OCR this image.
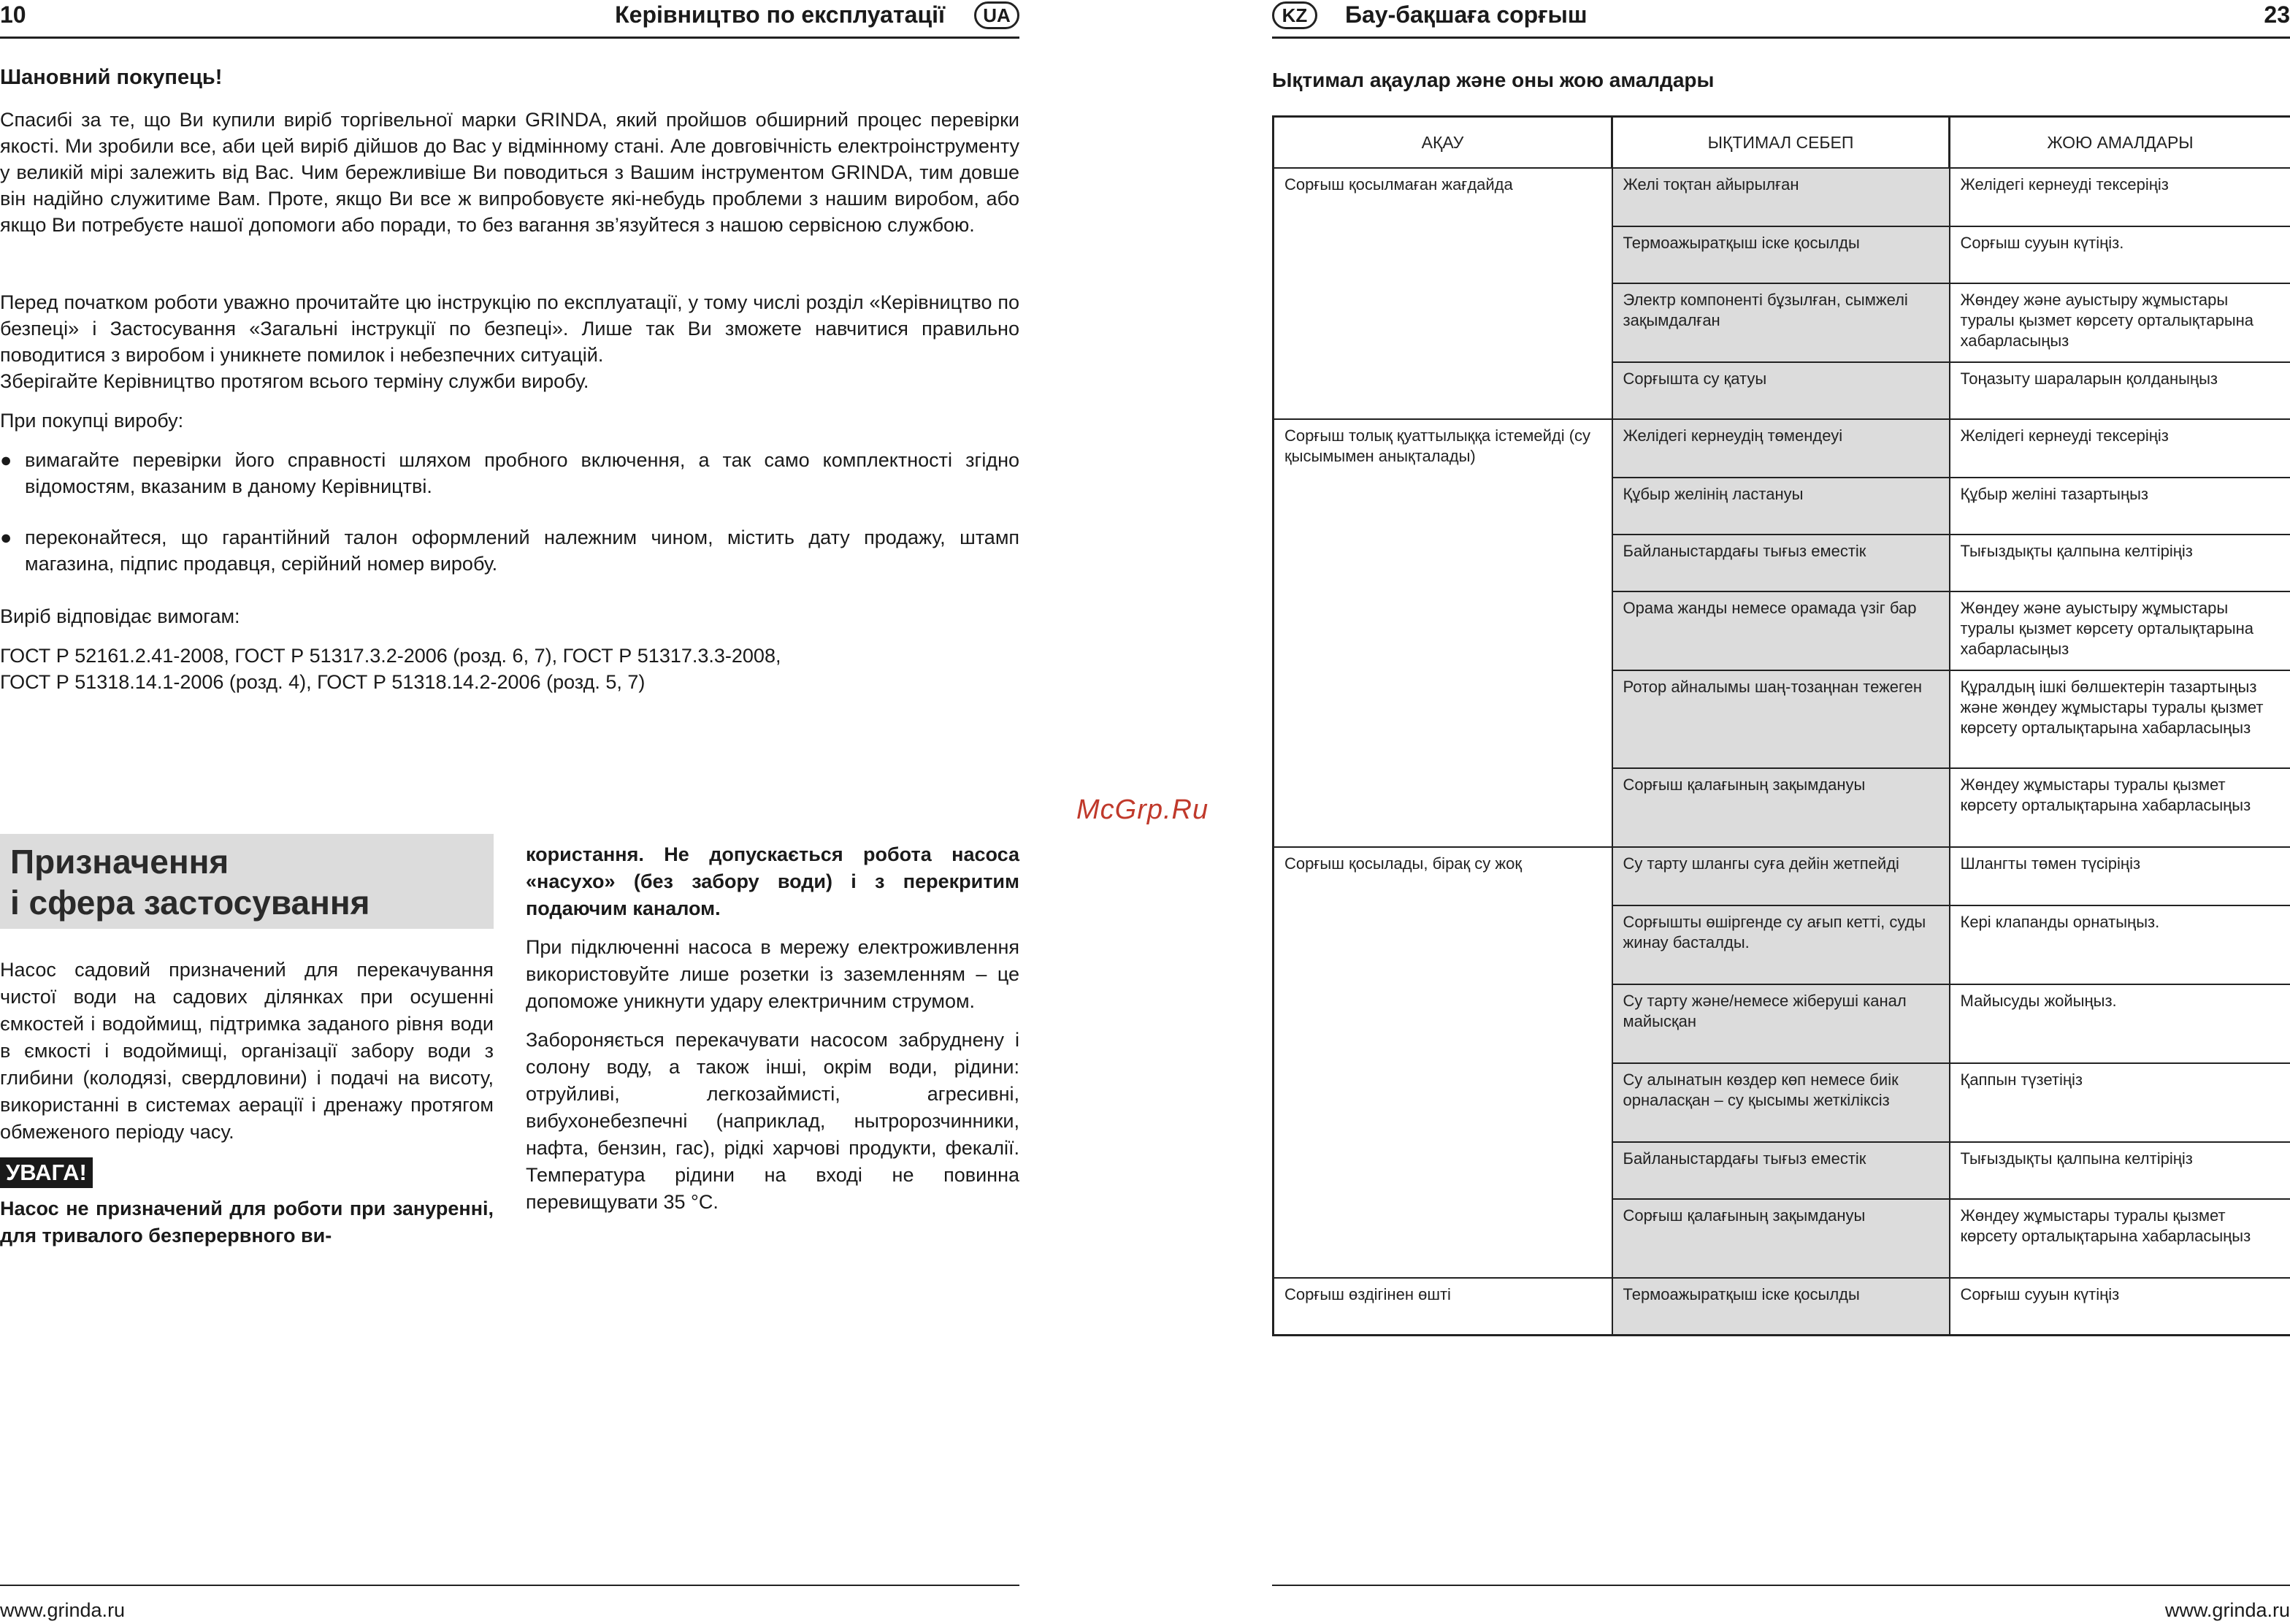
10	Керівництво по експлуатації	UA
Шановний покупець!

Спасибі за те, що Ви купили виріб торгівельної марки GRINDA, який пройшов обширний процес перевірки якості. Ми зробили все, аби цей виріб дійшов до Вас у відмінному стані. Але довговічність електроінструменту у великій мірі залежить від Вас. Чим бережливіше Ви поводиться з Вашим інструментом GRINDA, тим довше він надійно служитиме Вам. Проте, якщо Ви все ж випробовуєте які-небудь проблеми з нашим виробом, або якщо Ви потребуєте нашої допомоги або поради, то без вагання зв’язуйтеся з нашою сервісною службою.

Перед початком роботи уважно прочитайте цю інструкцію по експлуатації, у тому числі розділ «Керівництво по безпеці» і Застосування «Загальні інструкції по безпеці». Лише так Ви зможете навчитися правильно поводитися з виробом і уникнете помилок і небезпечних ситуацій.

Зберігайте Керівництво протягом всього терміну служби виробу.

При покупці виробу:

● вимагайте перевірки його справності шляхом пробного включення, а так само комплектності згідно відомостям, вказаним в даному Керівництві.
● переконайтеся, що гарантійний талон оформлений належним чином, містить дату продажу, штамп магазина, підпис продавця, серійний номер виробу.

Виріб відповідає вимогам:

ГОСТ Р 52161.2.41-2008, ГОСТ Р 51317.3.2-2006 (розд. 6, 7), ГОСТ Р 51317.3.3-2008,

ГОСТ Р 51318.14.1-2006 (розд. 4), ГОСТ Р 51318.14.2-2006 (розд. 5, 7)

Призначення
і сфера застосування

Насос садовий призначений для перекачування чистої води на садових ділянках при осушенні ємкостей і водоймищ, підтримка заданого рівня води в ємкості і водоймищі, організації забору води з глибини (колодязі, свердловини) і подачі на висоту, використанні в системах аерації і дренажу протягом обмеженого періоду часу.

УВАГА!

Насос не призначений для роботи при зануренні, для тривалого безперервного ви-

користання. Не допускається робота насоса «насухо» (без забору води) і з перекритим подаючим каналом.

При підключенні насоса в мережу електроживлення використовуйте лише розетки із заземленням – це допоможе уникнути удару електричним струмом.

Забороняється перекачувати насосом забруднену і солону воду, а також інші, окрім води, рідини: отруйливі, легкозаймисті, агресивні, вибухонебезпечні (наприклад, нытророзчинники, нафта, бензин, гас), рідкі харчові продукти, фекалії. Температура рідини на вході не повинна перевищувати 35 °С.

www.grinda.ru
McGrp.Ru
KZ	Бау-бақшаға сорғыш	23
Ықтимал ақаулар және оны жою амалдары
АҚАУ	ЫҚТИМАЛ СЕБЕП	ЖОЮ АМАЛДАРЫ
Сорғыш қосылмаған жағдайда	Желі тоқтан айырылған	Желідегі кернеуді тексеріңіз
	Термоажыратқыш іске қосылды	Сорғыш сууын күтіңіз.
	Электр компоненті бұзылған, сымжелі зақымдалған	Жөндеу және ауыстыру жұмыстары туралы қызмет көрсету орталықтарына хабарласыңыз
	Сорғышта су қатуы	Тоңазыту шараларын қолданыңыз
Сорғыш толық қуаттылыққа істемейді (су қысымымен анықталады)	Желідегі кернеудің төмендеуі	Желідегі кернеуді тексеріңіз
	Құбыр желінің ластануы	Құбыр желіні тазартыңыз
	Байланыстардағы тығыз еместік	Тығыздықты қалпына келтіріңіз
	Орама жанды немесе орамада үзіг бар	Жөндеу және ауыстыру жұмыстары туралы қызмет көрсету орталықтарына хабарласыңыз
	Ротор айналымы шаң-тозаңнан тежеген	Құралдың ішкі бөлшектерін тазартыңыз және жөндеу жұмыстары туралы қызмет көрсету орталықтарына хабарласыңыз
	Сорғыш қалағының зақымдануы	Жөндеу жұмыстары туралы қызмет көрсету орталықтарына хабарласыңыз
Сорғыш қосылады, бірақ су жоқ	Су тарту шлангы суға дейін жетпейді	Шлангты төмен түсіріңіз
	Сорғышты өшіргенде су ағып кетті, суды жинау басталды.	Кері клапанды орнатыңыз.
	Су тарту және/немесе жіберуші канал майысқан	Майысуды жойыңыз.
	Су алынатын көздер көп немесе биік орналасқан – су қысымы жеткіліксіз	Қаппын түзетіңіз
	Байланыстардағы тығыз еместік	Тығыздықты қалпына келтіріңіз
	Сорғыш қалағының зақымдануы	Жөндеу жұмыстары туралы қызмет көрсету орталықтарына хабарласыңыз
Сорғыш өздігінен өшті	Термоажыратқыш іске қосылды	Сорғыш сууын күтіңіз
www.grinda.ru
